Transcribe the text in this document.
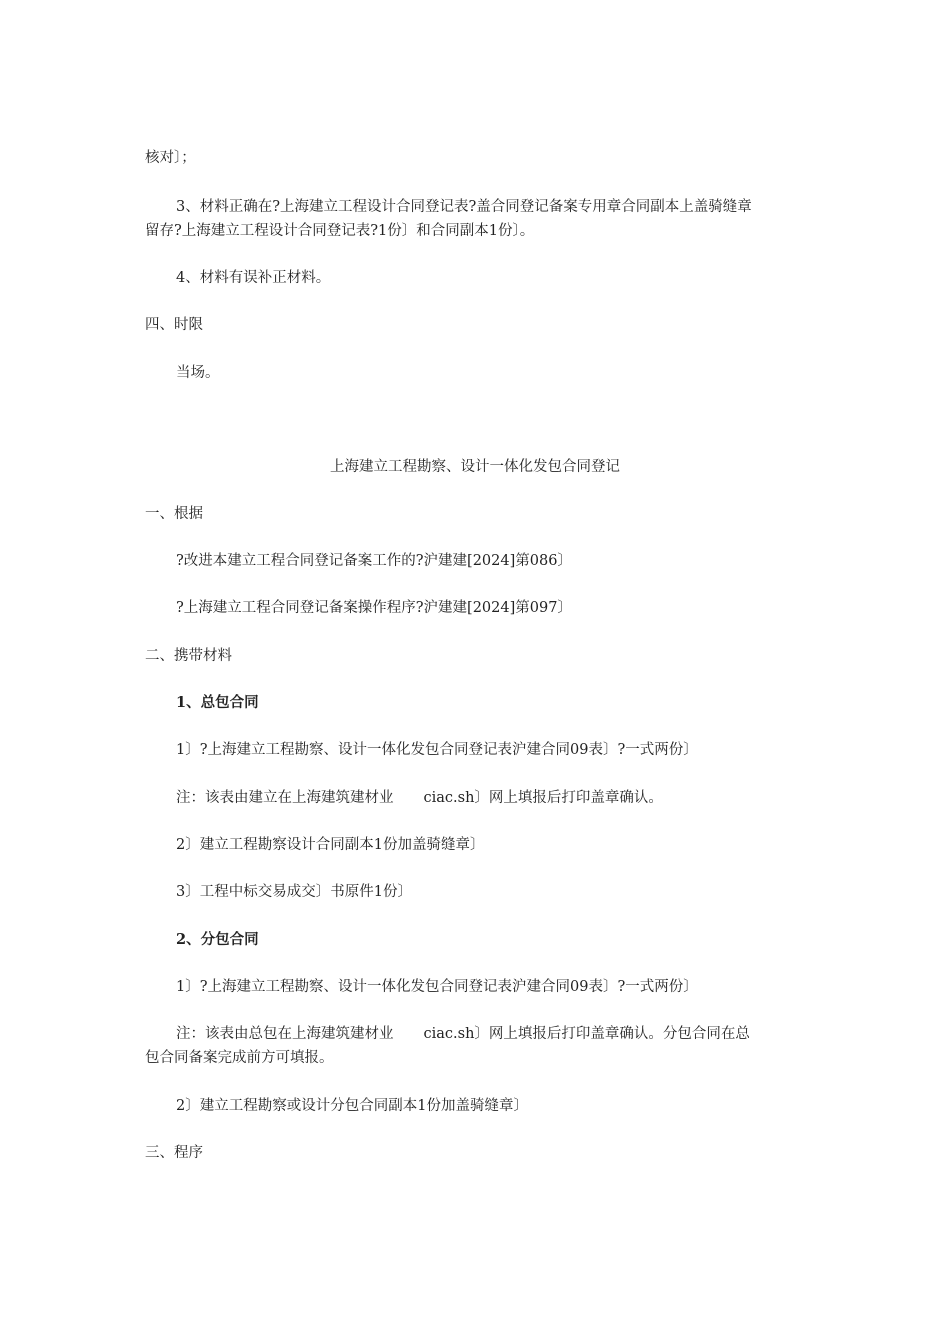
核对〕；
3、材料正确在?上海建立工程设计合同登记表?盖合同登记备案专用章合同副本上盖骑缝章
留存?上海建立工程设计合同登记表?1份〕和合同副本1份〕。
4、材料有误补正材料。
四、时限
当场。
上海建立工程勘察、设计一体化发包合同登记
一、根据
?改进本建立工程合同登记备案工作的?沪建建[2024]第086〕
?上海建立工程合同登记备案操作程序?沪建建[2024]第097〕
二、携带材料
1、总包合同
1〕?上海建立工程勘察、设计一体化发包合同登记表沪建合同09表〕?一式两份〕
注：该表由建立在上海建筑建材业 ciac.sh〕网上填报后打印盖章确认。
2〕建立工程勘察设计合同副本1份加盖骑缝章〕
3〕工程中标交易成交〕书原件1份〕
2、分包合同
1〕?上海建立工程勘察、设计一体化发包合同登记表沪建合同09表〕?一式两份〕
注：该表由总包在上海建筑建材业 ciac.sh〕网上填报后打印盖章确认。分包合同在总
包合同备案完成前方可填报。
2〕建立工程勘察或设计分包合同副本1份加盖骑缝章〕
三、程序
